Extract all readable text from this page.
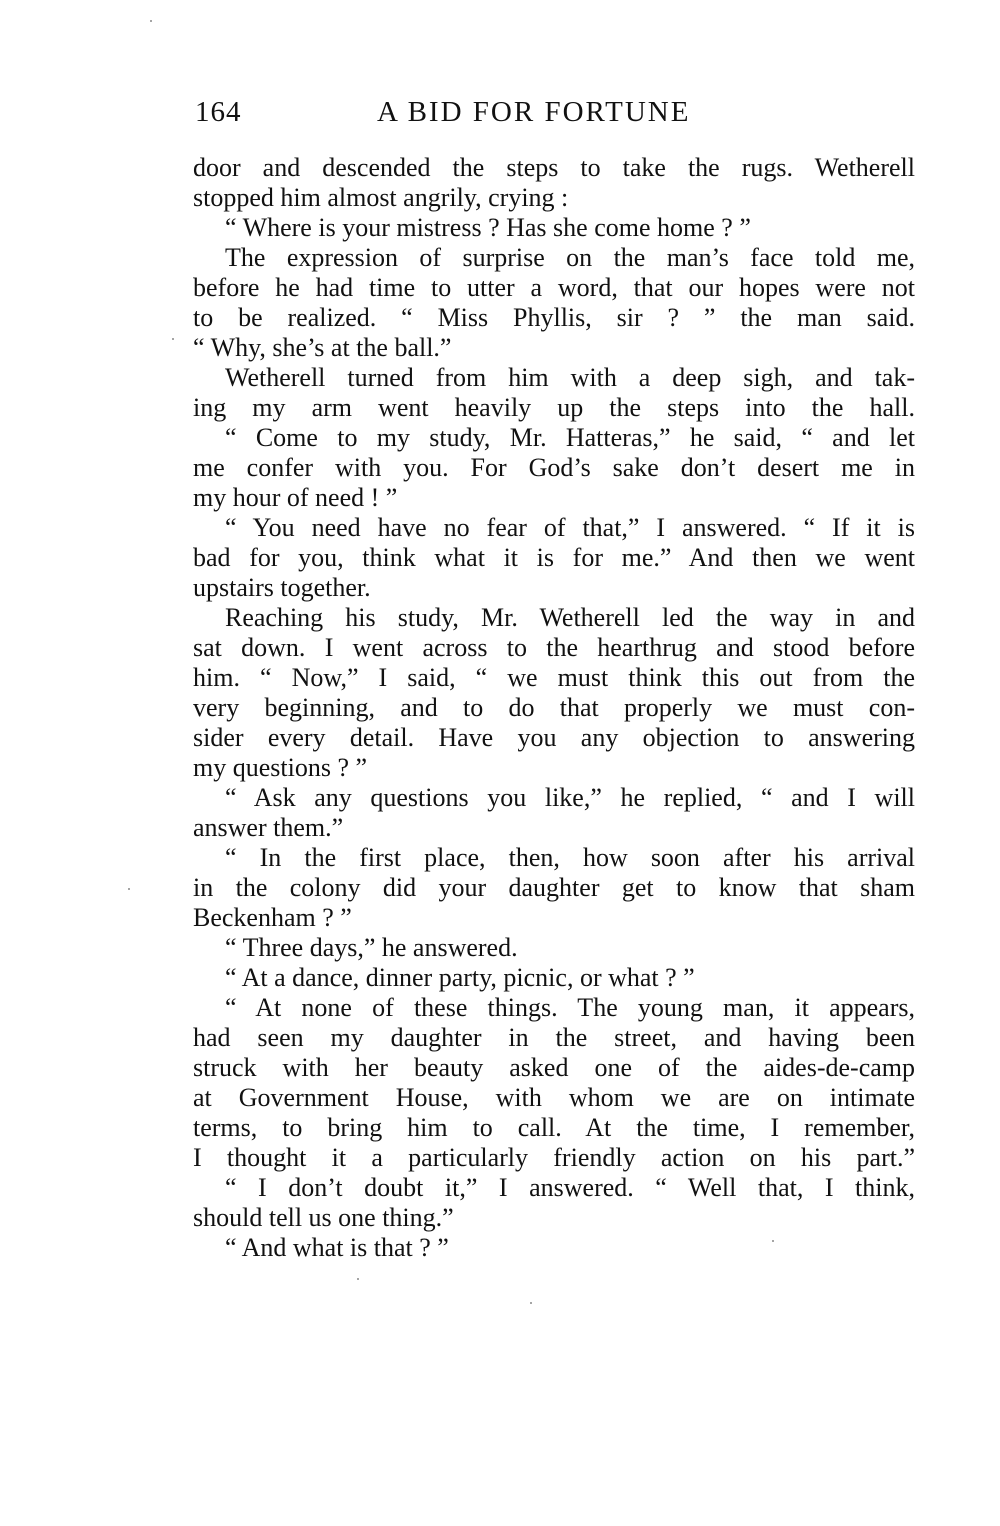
164	A BID FOR FORTUNE
door and descended the steps to take the rugs. Wetherell
stopped him almost angrily, crying :
“ Where is your mistress ? Has she come home ? ”
The expression of surprise on the man’s face told me,
before he had time to utter a word, that our hopes were not
to be realized. “ Miss Phyllis, sir ? ” the man said.
“ Why, she’s at the ball.”
Wetherell turned from him with a deep sigh, and tak-
ing my arm went heavily up the steps into the hall.
“ Come to my study, Mr. Hatteras,” he said, “ and let
me confer with you. For God’s sake don’t desert me in
my hour of need ! ”
“ You need have no fear of that,” I answered. “ If it is
bad for you, think what it is for me.” And then we went
upstairs together.
Reaching his study, Mr. Wetherell led the way in and
sat down. I went across to the hearthrug and stood before
him. “ Now,” I said, “ we must think this out from the
very beginning, and to do that properly we must con-
sider every detail. Have you any objection to answering
my questions ? ”
“ Ask any questions you like,” he replied, “ and I will
answer them.”
“ In the first place, then, how soon after his arrival
in the colony did your daughter get to know that sham
Beckenham ? ”
“ Three days,” he answered.
“ At a dance, dinner party, picnic, or what ? ”
“ At none of these things. The young man, it appears,
had seen my daughter in the street, and having been
struck with her beauty asked one of the aides-de-camp
at Government House, with whom we are on intimate
terms, to bring him to call. At the time, I remember,
I thought it a particularly friendly action on his part.”
“ I don’t doubt it,” I answered. “ Well that, I think,
should tell us one thing.”
“ And what is that ? ”
